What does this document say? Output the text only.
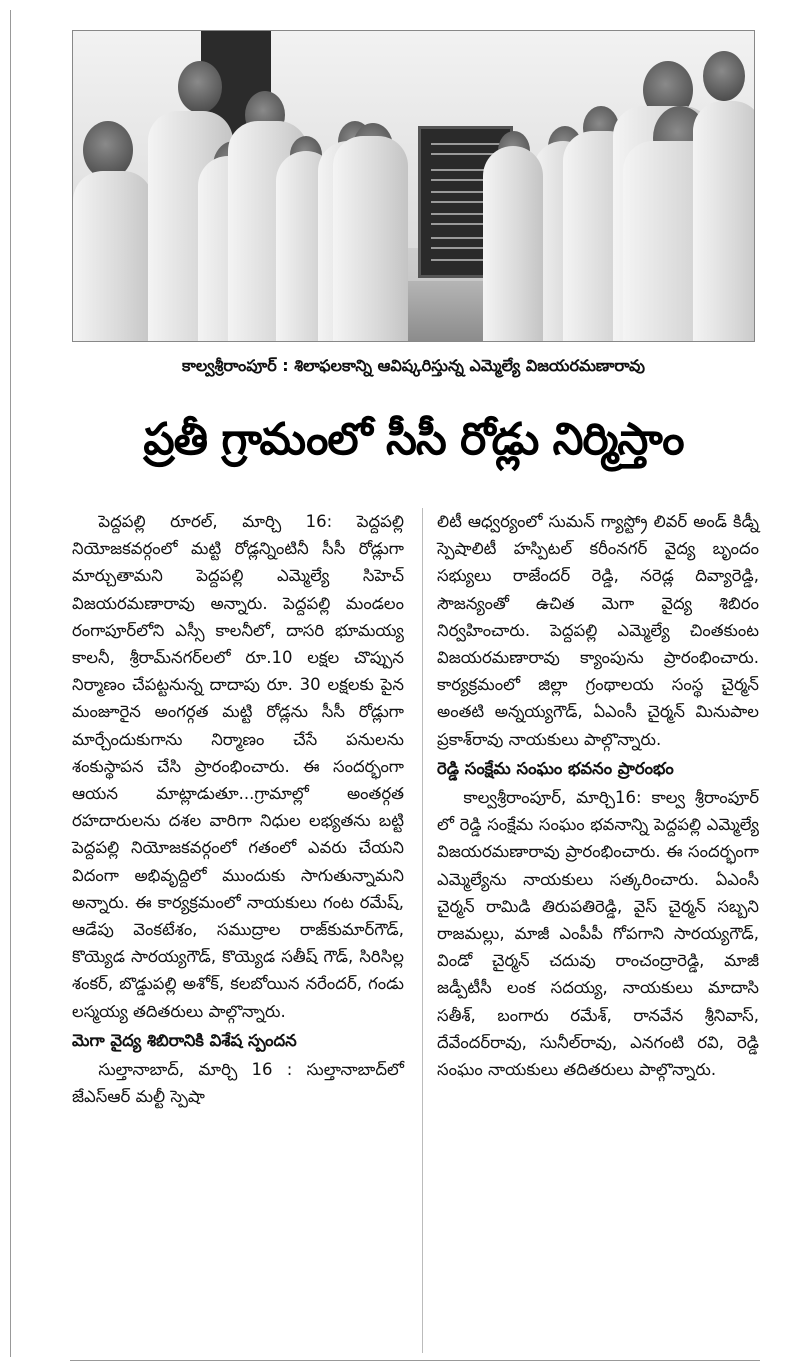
కాల్వశ్రీరాంపూర్ : శిలాఫలకాన్ని ఆవిష్కరిస్తున్న ఎమ్మెల్యే విజయరమణారావు
ప్రతీ గ్రామంలో సీసీ రోడ్లు నిర్మిస్తాం

పెద్దపల్లి రూరల్, మార్చి 16: పెద్దపల్లి నియోజకవర్గంలో మట్టి రోడ్లన్నింటినీ సీసీ రోడ్లుగా మార్చుతామని పెద్దపల్లి ఎమ్మెల్యే సిహెచ్ విజయరమణారావు అన్నారు. పెద్దపల్లి మండలం రంగాపూర్‌లోని ఎస్సీ కాలనీలో, దాసరి భూమయ్య కాలనీ, శ్రీరామ్‌నగర్‌లలో రూ.10 లక్షల చొప్పున నిర్మాణం చేపట్టనున్న దాదాపు రూ. 30 లక్షలకు పైన మంజూరైన అంగర్గత మట్టి రోడ్లను సీసీ రోడ్లుగా మార్చేందుకుగాను నిర్మాణం చేసే పనులను శంకుస్థాపన చేసి ప్రారంభించారు. ఈ సందర్భంగా ఆయన మాట్లాడుతూ...గ్రామాల్లో అంతర్గత రహదారులను దశల వారిగా నిధుల లభ్యతను బట్టి పెద్దపల్లి నియోజకవర్గంలో గతంలో ఎవరు చేయని విదంగా అభివృద్దిలో ముందుకు సాగుతున్నామని అన్నారు. ఈ కార్యక్రమంలో నాయకులు గంట రమేష్, ఆడేపు వెంకటేశం, సముద్రాల రాజ్‌కుమార్‌గౌడ్, కొయ్యెడ సారయ్యగౌడ్, కొయ్యెడ సతీష్ గౌడ్, సిరిసిల్ల శంకర్, బొడ్డుపల్లి అశోక్, కలబోయిన నరేందర్, గండు లస్మయ్య తదితరులు పాల్గొన్నారు.

మెగా వైద్య శిబిరానికి విశేష స్పందన

సుల్తానాబాద్, మార్చి 16 : సుల్తానాబాద్‌లో జేఎస్ఆర్ మల్టీ స్పెషా

లిటీ ఆధ్వర్యంలో సుమన్ గ్యాస్ట్రో లివర్ అండ్ కిడ్నీ స్పెషాలిటీ హస్పిటల్ కరీంనగర్ వైద్య బృందం సభ్యులు రాజేందర్ రెడ్డి, నరెడ్ల దివ్యారెడ్డి, సౌజన్యంతో ఉచిత మెగా వైద్య శిబిరం నిర్వహించారు. పెద్దపల్లి ఎమ్మెల్యే చింతకుంట విజయరమణారావు క్యాంపును ప్రారంభించారు. కార్యక్రమంలో జిల్లా గ్రంథాలయ సంస్థ చైర్మన్ అంతటి అన్నయ్యగౌడ్, ఏఎంసీ చైర్మన్ మినుపాల ప్రకాశ్‌రావు నాయకులు పాల్గొన్నారు.

రెడ్డి సంక్షేమ సంఘం భవనం ప్రారంభం

కాల్వశ్రీరాంపూర్, మార్చి16: కాల్వ శ్రీరాంపూర్ లో రెడ్డి సంక్షేమ సంఘం భవనాన్ని పెద్దపల్లి ఎమ్మెల్యే విజయరమణారావు ప్రారంభించారు. ఈ సందర్భంగా ఎమ్మెల్యేను నాయకులు సత్కరించారు. ఏఎంసీ చైర్మన్ రామిడి తిరుపతిరెడ్డి, వైస్ చైర్మన్ సబ్బని రాజమల్లు, మాజీ ఎంపీపీ గోపగాని సారయ్యగౌడ్, విండో చైర్మన్ చదువు రాంచంద్రారెడ్డి, మాజీ జడ్పీటీసీ లంక సదయ్య, నాయకులు మాదాసి సతీశ్, బంగారు రమేశ్, రానవేన శ్రీనివాస్, దేవేందర్‌రావు, సునీల్‌రావు, ఎనగంటి రవి, రెడ్డి సంఘం నాయకులు తదితరులు పాల్గొన్నారు.
